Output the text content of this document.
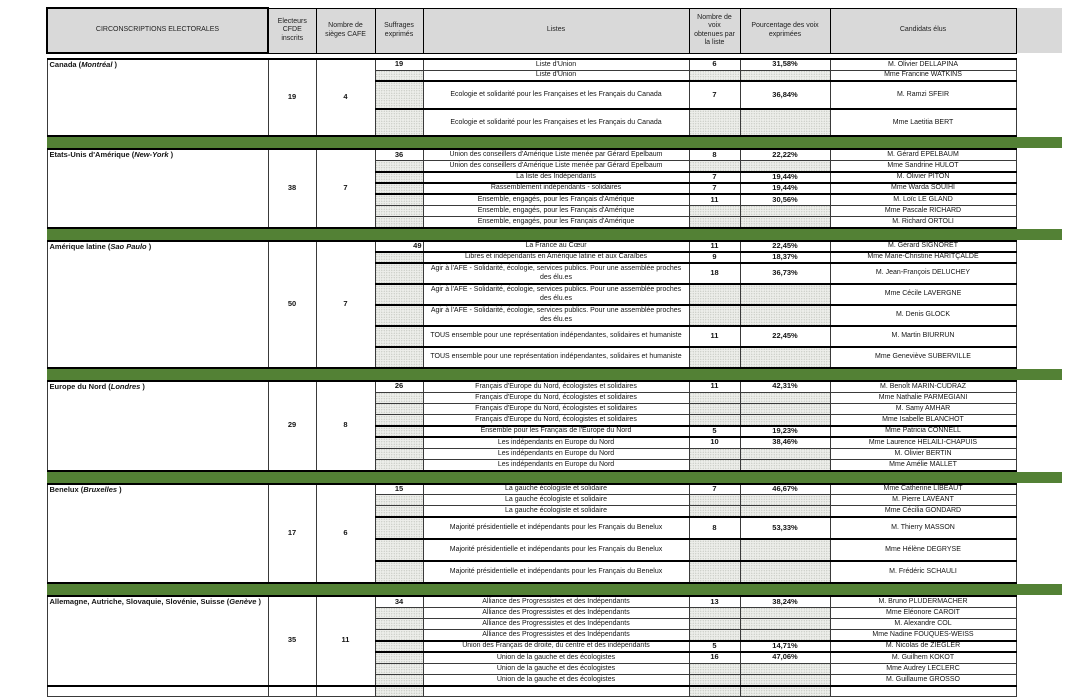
CIRCONSCRIPTIONS ELECTORALES	Electeurs CFDE inscrits	Nombre de sièges CAFE	Suffrages exprimés	Listes	Nombre de voix obtenues par la liste	Pourcentage des voix exprimées	Candidats élus	

Canada (Montréal )	19	4	19	Liste d'Union	6	31,58%	M. Olivier DELLAPINA	
				Liste d'Union			Mme Francine WATKINS	
				Ecologie et solidarité pour les Françaises et les Français du Canada	7	36,84%	M. Ramzi SFEIR	
				Ecologie et solidarité pour les Françaises et les Français du Canada			Mme Laetitia BERT	

Etats-Unis d'Amérique (New-York )	38	7	36	Union des conseillers d'Amérique Liste menée par Gérard Epelbaum	8	22,22%	M. Gérard EPELBAUM	
				Union des conseillers d'Amérique Liste menée par Gérard Epelbaum			Mme Sandrine HULOT	
				La liste des Indépendants	7	19,44%	M. Olivier PITON	
				Rassemblement indépendants - solidaires	7	19,44%	Mme Warda SOUIHI	
				Ensemble, engagés, pour les Français d'Amérique	11	30,56%	M. Loïc LE GLAND	
				Ensemble, engagés, pour les Français d'Amérique			Mme Pascale RICHARD	
				Ensemble, engagés, pour les Français d'Amérique			M. Richard ORTOLI	

Amérique latine (Sao Paulo )	50	7	49	La France au Cœur	11	22,45%	M. Gérard SIGNORET	
				Libres et indépendants en Amérique latine et aux Caraïbes	9	18,37%	Mme Marie-Christine HARITÇALDE	
				Agir à l'AFE - Solidarité, écologie, services publics. Pour une assemblée proches des élu.es	18	36,73%	M. Jean-François DELUCHEY	
				Agir à l'AFE - Solidarité, écologie, services publics. Pour une assemblée proches des élu.es			Mme Cécile LAVERGNE	
				Agir à l'AFE - Solidarité, écologie, services publics. Pour une assemblée proches des élu.es			M. Denis GLOCK	
				TOUS ensemble pour une représentation indépendantes, solidaires et humaniste	11	22,45%	M. Martin BIURRUN	
				TOUS ensemble pour une représentation indépendantes, solidaires et humaniste			Mme Geneviève SUBERVILLE	

Europe du Nord (Londres )	29	8	26	Français d'Europe du Nord, écologistes et solidaires	11	42,31%	M. Benoît MARIN-CUDRAZ	
				Français d'Europe du Nord, écologistes et solidaires			Mme Nathalie PARMEGIANI	
				Français d'Europe du Nord, écologistes et solidaires			M. Samy AMHAR	
				Français d'Europe du Nord, écologistes et solidaires			Mme Isabelle BLANCHOT	
				Ensemble pour les Français de l'Europe du Nord	5	19,23%	Mme Patricia CONNELL	
				Les indépendants en Europe du Nord	10	38,46%	Mme Laurence HELAILI-CHAPUIS	
				Les indépendants en Europe du Nord			M. Olivier BERTIN	
				Les indépendants en Europe du Nord			Mme Amélie MALLET	

Benelux (Bruxelles )	17	6	15	La gauche écologiste et solidaire	7	46,67%	Mme Catherine LIBEAUT	
				La gauche écologiste et solidaire			M. Pierre LAVÉANT	
				La gauche écologiste et solidaire			Mme Cécilia GONDARD	
				Majorité présidentielle et indépendants pour les Français du Benelux	8	53,33%	M. Thierry MASSON	
				Majorité présidentielle et indépendants pour les Français du Benelux			Mme Hélène DEGRYSE	
				Majorité présidentielle et indépendants pour les Français du Benelux			M. Frédéric SCHAULI	

Allemagne, Autriche, Slovaquie, Slovénie, Suisse (Genève )	35	11	34	Alliance des Progressistes et des Indépendants	13	38,24%	M. Bruno PLUDERMACHER	
				Alliance des Progressistes et des Indépendants			Mme Eléonore CAROIT	
				Alliance des Progressistes et des Indépendants			M. Alexandre COL	
				Alliance des Progressistes et des Indépendants			Mme Nadine FOUQUES-WEISS	
				Union des Français de droite, du centre et des indépendants	5	14,71%	M. Nicolas de ZIEGLER	
				Union de la gauche et des écologistes	16	47,06%	M. Guilhem KOKOT	
				Union de la gauche et des écologistes			Mme Audrey LECLERC	
				Union de la gauche et des écologistes			M. Guillaume GROSSO	
